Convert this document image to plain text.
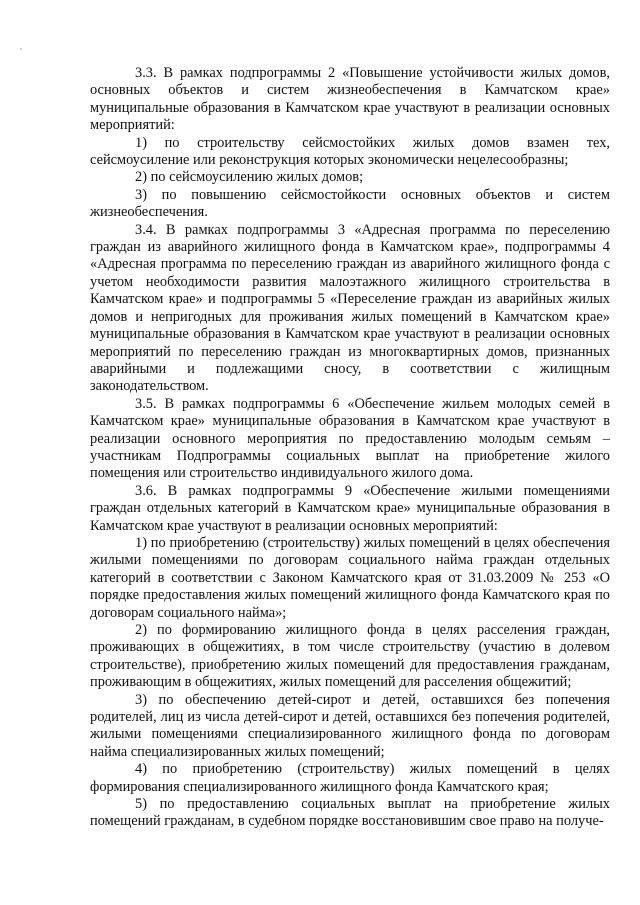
3.3. В рамках подпрограммы 2 «Повышение устойчивости жилых домов, основных объектов и систем жизнеобеспечения в Камчатском крае» муниципальные образования в Камчатском крае участвуют в реализации основных мероприятий:

1) по строительству сейсмостойких жилых домов взамен тех, сейсмоусиление или реконструкция которых экономически нецелесообразны;

2) по сейсмоусилению жилых домов;

3) по повышению сейсмостойкости основных объектов и систем жизнеобеспечения.

3.4. В рамках подпрограммы 3 «Адресная программа по переселению граждан из аварийного жилищного фонда в Камчатском крае», подпрограммы 4 «Адресная программа по переселению граждан из аварийного жилищного фонда с учетом необходимости развития малоэтажного жилищного строительства в Камчатском крае» и подпрограммы 5 «Переселение граждан из аварийных жилых домов и непригодных для проживания жилых помещений в Камчатском крае» муниципальные образования в Камчатском крае участвуют в реализации основных мероприятий по переселению граждан из многоквартирных домов, признанных аварийными и подлежащими сносу, в соответствии с жилищным законодательством.

3.5. В рамках подпрограммы 6 «Обеспечение жильем молодых семей в Камчатском крае» муниципальные образования в Камчатском крае участвуют в реализации основного мероприятия по предоставлению молодым семьям – участникам Подпрограммы социальных выплат на приобретение жилого помещения или строительство индивидуального жилого дома.

3.6. В рамках подпрограммы 9 «Обеспечение жилыми помещениями граждан отдельных категорий в Камчатском крае» муниципальные образования в Камчатском крае участвуют в реализации основных мероприятий:

1) по приобретению (строительству) жилых помещений в целях обеспечения жилыми помещениями по договорам социального найма граждан отдельных категорий в соответствии с Законом Камчатского края от 31.03.2009 № 253 «О порядке предоставления жилых помещений жилищного фонда Камчатского края по договорам социального найма»;

2) по формированию жилищного фонда в целях расселения граждан, проживающих в общежитиях, в том числе строительству (участию в долевом строительстве), приобретению жилых помещений для предоставления гражданам, проживающим в общежитиях, жилых помещений для расселения общежитий;

3) по обеспечению детей-сирот и детей, оставшихся без попечения родителей, лиц из числа детей-сирот и детей, оставшихся без попечения родителей, жилыми помещениями специализированного жилищного фонда по договорам найма специализированных жилых помещений;

4) по приобретению (строительству) жилых помещений в целях формирования специализированного жилищного фонда Камчатского края;

5) по предоставлению социальных выплат на приобретение жилых помещений гражданам, в судебном порядке восстановившим свое право на получе-
